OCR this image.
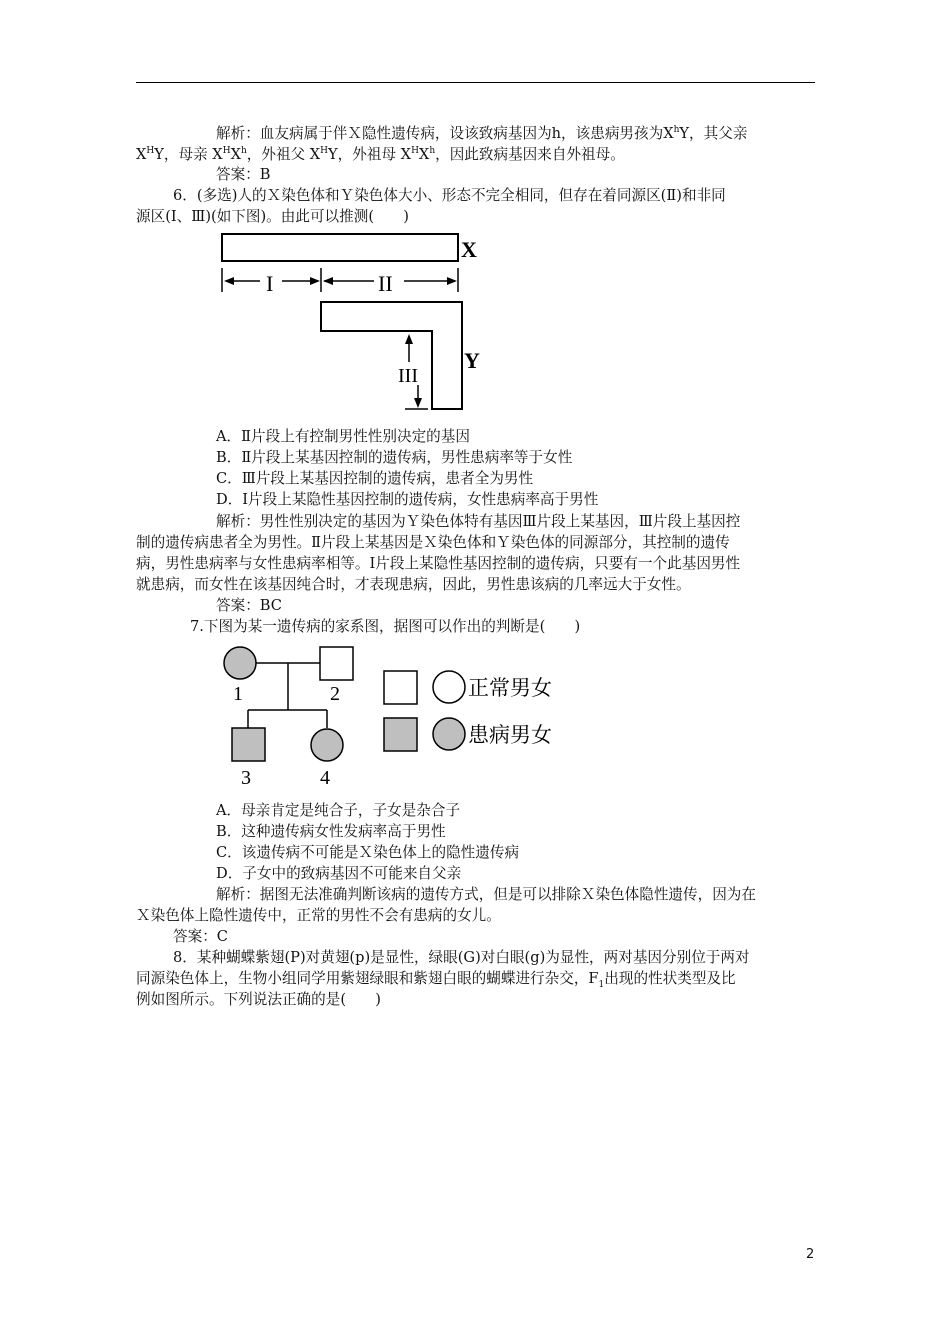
解析：血友病属于伴Ｘ隐性遗传病，设该致病基因为h，该患病男孩为$X^hY$，其父亲
$X^HY$，母亲 $X^HX^h$，外祖父 $X^HY$，外祖母 $X^HX^h$，因此致病基因来自外祖母。
答案：B
6．(多选)人的Ｘ染色体和Ｙ染色体大小、形态不完全相同，但存在着同源区(Ⅱ)和非同
源区(Ⅰ、Ⅲ)(如下图)。由此可以推测(　　)
X
I	II
Y
III
A．Ⅱ片段上有控制男性性别决定的基因
B．Ⅱ片段上某基因控制的遗传病，男性患病率等于女性
C．Ⅲ片段上某基因控制的遗传病，患者全为男性
D．Ⅰ片段上某隐性基因控制的遗传病，女性患病率高于男性
解析：男性性别决定的基因为Ｙ染色体特有基因Ⅲ片段上某基因，Ⅲ片段上基因控
制的遗传病患者全为男性。Ⅱ片段上某基因是Ｘ染色体和Ｙ染色体的同源部分，其控制的遗传
病，男性患病率与女性患病率相等。Ⅰ片段上某隐性基因控制的遗传病，只要有一个此基因男性
就患病，而女性在该基因纯合时，才表现患病，因此，男性患该病的几率远大于女性。
答案：BC
7.下图为某一遗传病的家系图，据图可以作出的判断是(　　)
1	2
3	4
正常男女
患病男女
A．母亲肯定是纯合子，子女是杂合子
B．这种遗传病女性发病率高于男性
C．该遗传病不可能是Ｘ染色体上的隐性遗传病
D．子女中的致病基因不可能来自父亲
解析：据图无法准确判断该病的遗传方式，但是可以排除Ｘ染色体隐性遗传，因为在
Ｘ染色体上隐性遗传中，正常的男性不会有患病的女儿。
答案：C
8．某种蝴蝶紫翅(P)对黄翅(p)是显性，绿眼(G)对白眼(g)为显性，两对基因分别位于两对
同源染色体上，生物小组同学用紫翅绿眼和紫翅白眼的蝴蝶进行杂交，$F_1$出现的性状类型及比
例如图所示。下列说法正确的是(　　)
2
